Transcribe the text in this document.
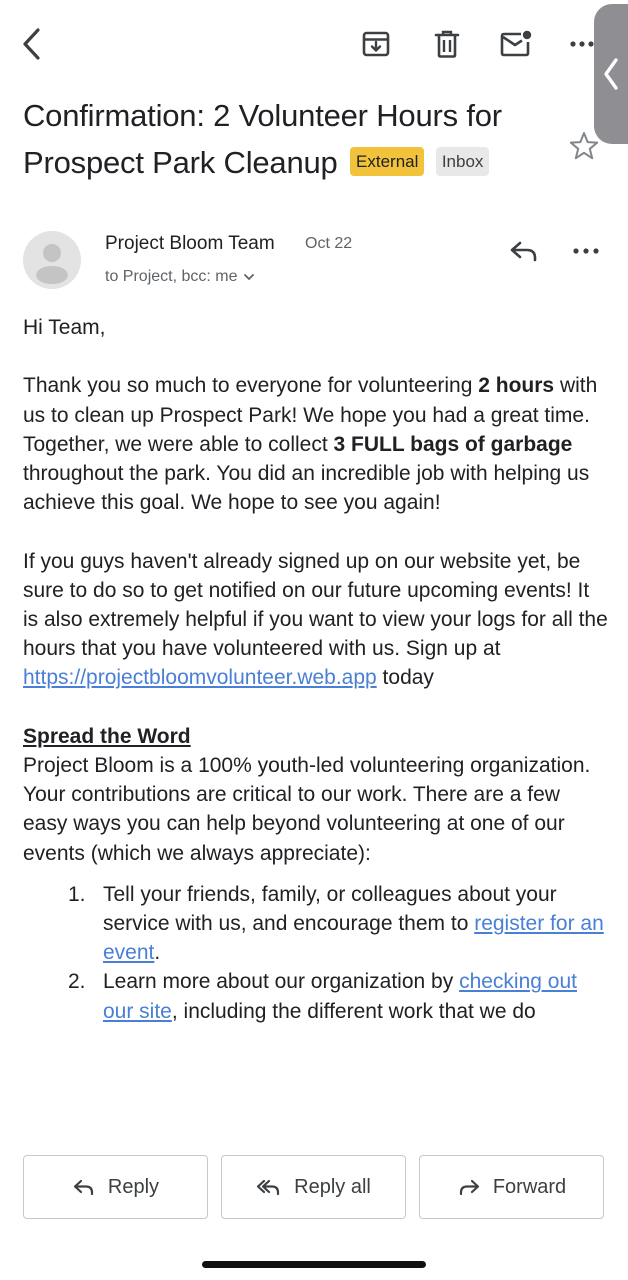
Confirmation: 2 Volunteer Hours for Prospect Park Cleanup External Inbox
Project Bloom Team Oct 22
to Project, bcc: me

Hi Team,

Thank you so much to everyone for volunteering 2 hours with us to clean up Prospect Park! We hope you had a great time. Together, we were able to collect 3 FULL bags of garbage throughout the park. You did an incredible job with helping us achieve this goal. We hope to see you again!

If you guys haven't already signed up on our website yet, be sure to do so to get notified on our future upcoming events! It is also extremely helpful if you want to view your logs for all the hours that you have volunteered with us. Sign up at https://projectbloomvolunteer.web.app today

Spread the Word

Project Bloom is a 100% youth-led volunteering organization. Your contributions are critical to our work. There are a few easy ways you can help beyond volunteering at one of our events (which we always appreciate):

1. Tell your friends, family, or colleagues about your service with us, and encourage them to register for an event.
2. Learn more about our organization by checking out our site, including the different work that we do
Reply	Reply all	Forward
